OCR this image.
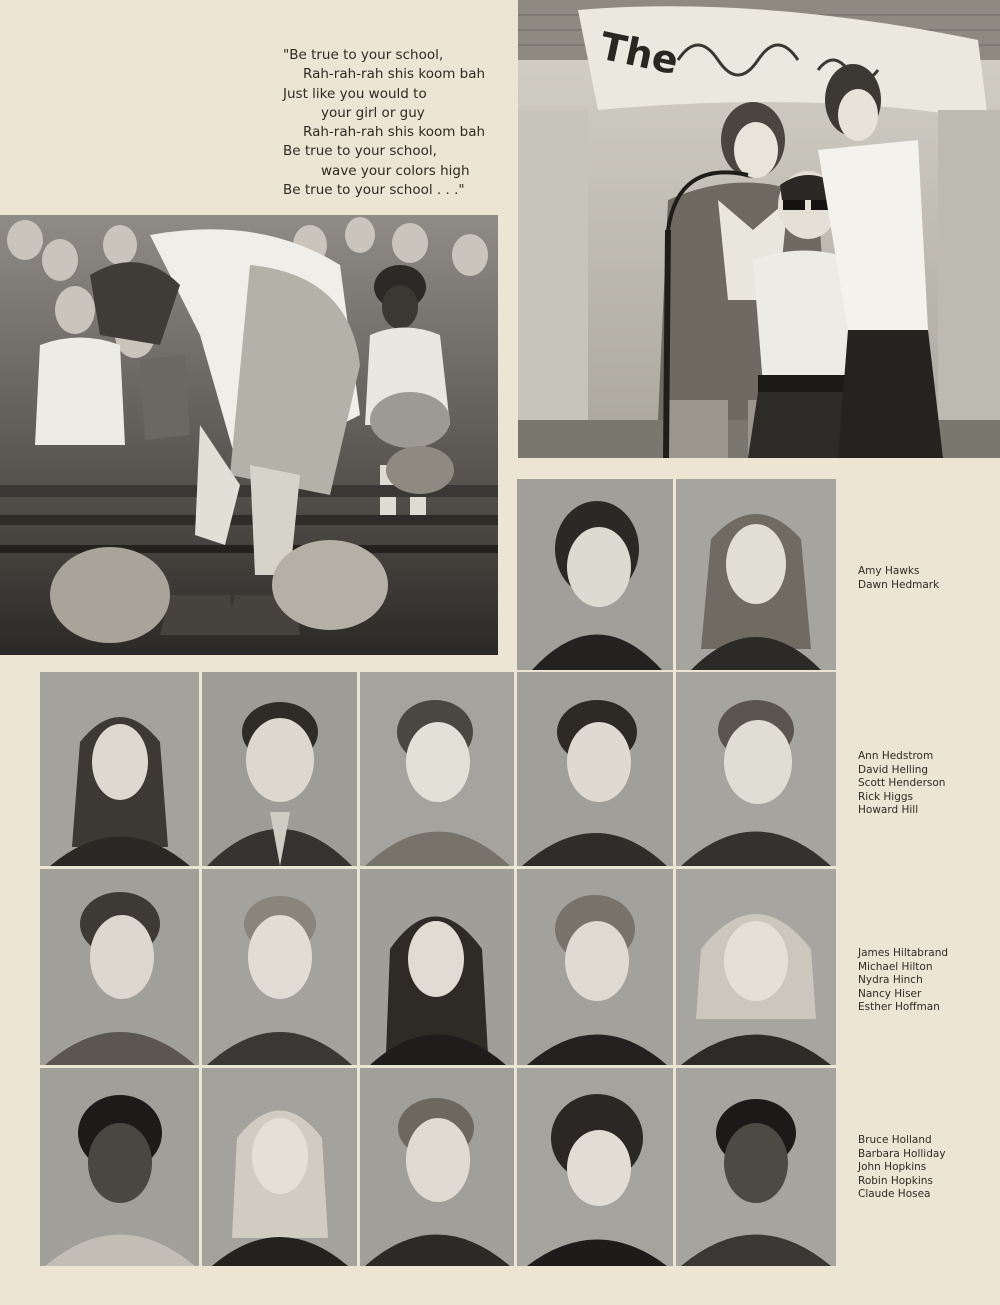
"Be true to your school,
Rah-rah-rah shis koom bah
Just like you would to
your girl or guy
Rah-rah-rah shis koom bah
Be true to your school,
wave your colors high
Be true to your school . . ."
The
Amy Hawks
Dawn Hedmark
Ann Hedstrom
David Helling
Scott Henderson
Rick Higgs
Howard Hill
James Hiltabrand
Michael Hilton
Nydra Hinch
Nancy Hiser
Esther Hoffman
Bruce Holland
Barbara Holliday
John Hopkins
Robin Hopkins
Claude Hosea
